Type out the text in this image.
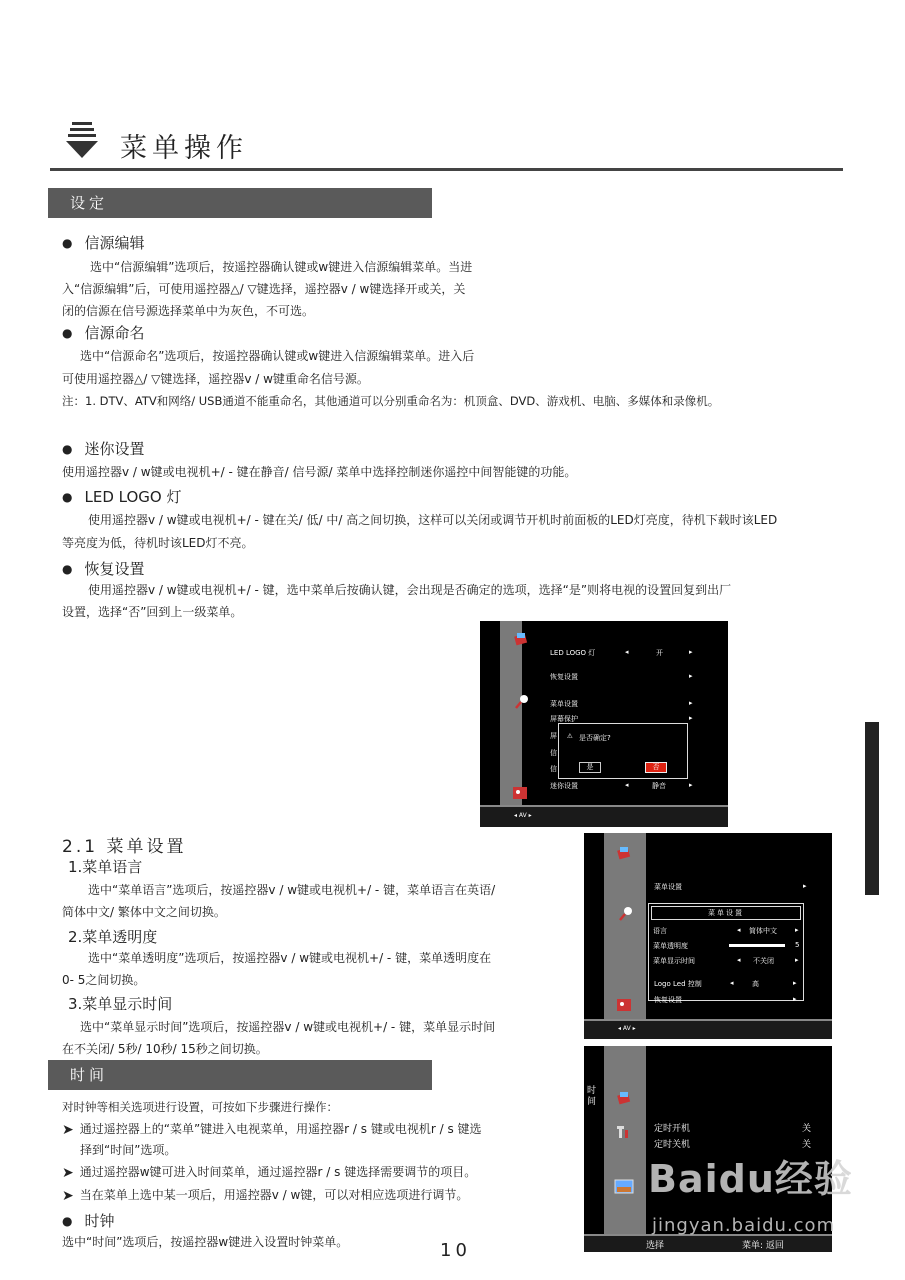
菜单操作
设定
● 信源编辑
选中“信源编辑”选项后，按遥控器确认键或w键进入信源编辑菜单。当进
入“信源编辑”后，可使用遥控器△/ ▽键选择，遥控器v / w键选择开或关，关
闭的信源在信号源选择菜单中为灰色，不可选。
● 信源命名
选中“信源命名”选项后，按遥控器确认键或w键进入信源编辑菜单。进入后
可使用遥控器△/ ▽键选择，遥控器v / w键重命名信号源。
注：1. DTV、ATV和网络/ USB通道不能重命名，其他通道可以分别重命名为：机顶盒、DVD、游戏机、电脑、多媒体和录像机。
● 迷你设置
使用遥控器v / w键或电视机+/ - 键在静音/ 信号源/ 菜单中选择控制迷你遥控中间智能键的功能。
● LED LOGO 灯
使用遥控器v / w键或电视机+/ - 键在关/ 低/ 中/ 高之间切换，这样可以关闭或调节开机时前面板的LED灯亮度，待机下载时该LED
等亮度为低，待机时该LED灯不亮。
● 恢复设置
使用遥控器v / w键或电视机+/ - 键，选中菜单后按确认键，会出现是否确定的选项，选择“是”则将电视的设置回复到出厂
设置，选择“否”回到上一级菜单。
LED LOGO 灯	◂	开	▸
恢复设置	▸
菜单设置	▸
屏幕保护	▸
屏
信
信
迷你设置	◂	静音	▸
⚠ 是否确定?
是	否
◂ AV ▸
2.1 菜单设置
1.菜单语言
选中“菜单语言”选项后，按遥控器v / w键或电视机+/ - 键，菜单语言在英语/
简体中文/ 繁体中文之间切换。
2.菜单透明度
选中“菜单透明度”选项后，按遥控器v / w键或电视机+/ - 键，菜单透明度在
0- 5之间切换。
3.菜单显示时间
选中“菜单显示时间”选项后，按遥控器v / w键或电视机+/ - 键，菜单显示时间
在不关闭/ 5秒/ 10秒/ 15秒之间切换。
菜单设置	▸
菜单设置
语言	◂ 简体中文	▸
菜单透明度	5
菜单显示时间	◂ 不关闭	▸
Logo Led 控制	◂	高	▸
恢复设置	▸
◂ AV ▸
时间
对时钟等相关选项进行设置，可按如下步骤进行操作：
➤ 通过遥控器上的“菜单”键进入电视菜单，用遥控器r / s 键或电视机r / s 键选
择到“时间”选项。
➤ 通过遥控器w键可进入时间菜单，通过遥控器r / s 键选择需要调节的项目。
➤ 当在菜单上选中某一项后，用遥控器v / w键，可以对相应选项进行调节。
● 时钟
选中“时间”选项后，按遥控器w键进入设置时钟菜单。
时间
定时开机	关
定时关机	关
选择	菜单: 返回
Baidu经验
jingyan.baidu.com
10
